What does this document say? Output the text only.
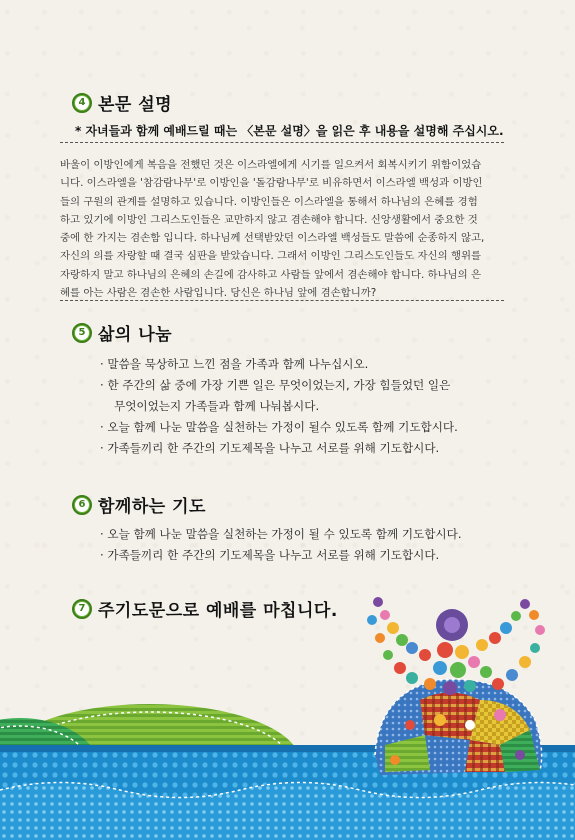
4 본문 설명
* 자녀들과 함께 예배드릴 때는 〈본문 설명〉을 읽은 후 내용을 설명해 주십시오.
바울이 이방인에게 복음을 전했던 것은 이스라엘에게 시기를 일으켜서 회복시키기 위함이었습
니다. 이스라엘을 '참감람나무'로 이방인을 '돌감람나무'로 비유하면서 이스라엘 백성과 이방인
들의 구원의 관계를 설명하고 있습니다. 이방인들은 이스라엘을 통해서 하나님의 은혜를 경험
하고 있기에 이방인 그리스도인들은 교만하지 않고 겸손해야 합니다. 신앙생활에서 중요한 것
중에 한 가지는 겸손함 입니다. 하나님께 선택받았던 이스라엘 백성들도 말씀에 순종하지 않고,
자신의 의를 자랑할 때 결국 심판을 받았습니다. 그래서 이방인 그리스도인들도 자신의 행위를
자랑하지 말고 하나님의 은혜의 손길에 감사하고 사람들 앞에서 겸손해야 합니다. 하나님의 은
혜를 아는 사람은 겸손한 사람입니다. 당신은 하나님 앞에 겸손합니까?
5 삶의 나눔
· 말씀을 묵상하고 느낀 점을 가족과 함께 나누십시오.
· 한 주간의 삶 중에 가장 기쁜 일은 무엇이었는지, 가장 힘들었던 일은
무엇이었는지 가족들과 함께 나눠봅시다.
· 오늘 함께 나눈 말씀을 실천하는 가정이 될수 있도록 함께 기도합시다.
· 가족들끼리 한 주간의 기도제목을 나누고 서로를 위해 기도합시다.
6 함께하는 기도
· 오늘 함께 나눈 말씀을 실천하는 가정이 될 수 있도록 함께 기도합시다.
· 가족들끼리 한 주간의 기도제목을 나누고 서로를 위해 기도합시다.
7 주기도문으로 예배를 마칩니다.
